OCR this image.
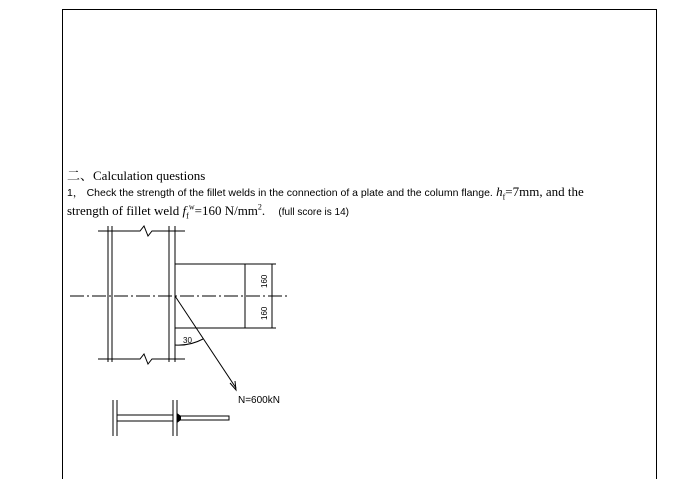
二、Calculation questions
1， Check the strength of the fillet welds in the connection of a plate and the column flange. $h_f=7mm$, and the
strength of fillet weld $f_f^w=160$ $N/mm^2$. (full score is 14)
160
160
30
N=600kN
